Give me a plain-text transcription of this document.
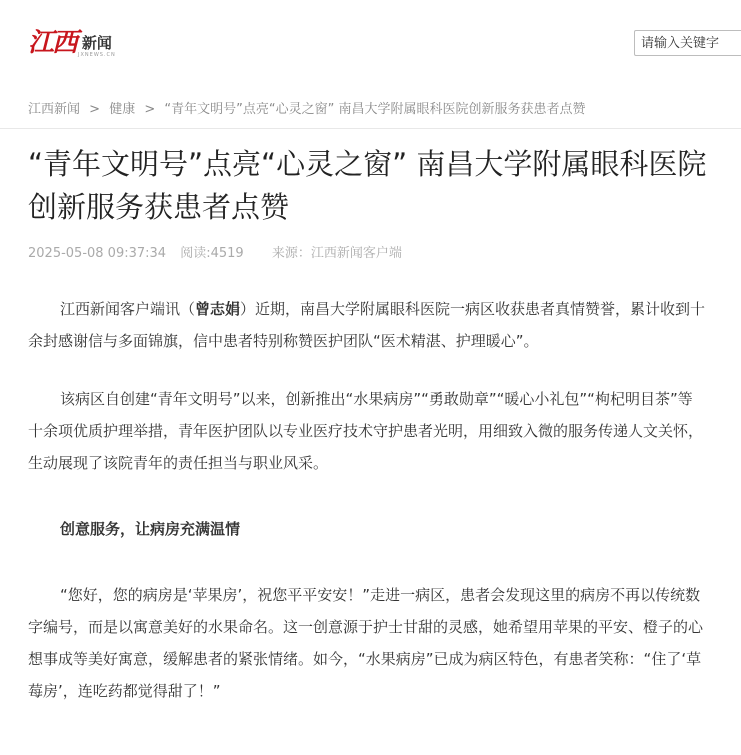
江西 新闻
JXNEWS.CN
请输入关键字
江西新闻 > 健康 > “青年文明号”点亮“心灵之窗” 南昌大学附属眼科医院创新服务获患者点赞
“青年文明号”点亮“心灵之窗” 南昌大学附属眼科医院创新服务获患者点赞
2025-05-08 09:37:34 阅读:4519 来源：江西新闻客户端

江西新闻客户端讯（曾志娟）近期，南昌大学附属眼科医院一病区收获患者真情赞誉，累计收到十余封感谢信与多面锦旗，信中患者特别称赞医护团队“医术精湛、护理暖心”。

该病区自创建“青年文明号”以来，创新推出“水果病房”“勇敢勋章”“暖心小礼包”“枸杞明目茶”等十余项优质护理举措，青年医护团队以专业医疗技术守护患者光明，用细致入微的服务传递人文关怀，生动展现了该院青年的责任担当与职业风采。

创意服务，让病房充满温情

“您好，您的病房是‘苹果房’，祝您平平安安！”走进一病区，患者会发现这里的病房不再以传统数字编号，而是以寓意美好的水果命名。这一创意源于护士甘甜的灵感，她希望用苹果的平安、橙子的心想事成等美好寓意，缓解患者的紧张情绪。如今，“水果病房”已成为病区特色，有患者笑称：“住了‘草莓房’，连吃药都觉得甜了！”
